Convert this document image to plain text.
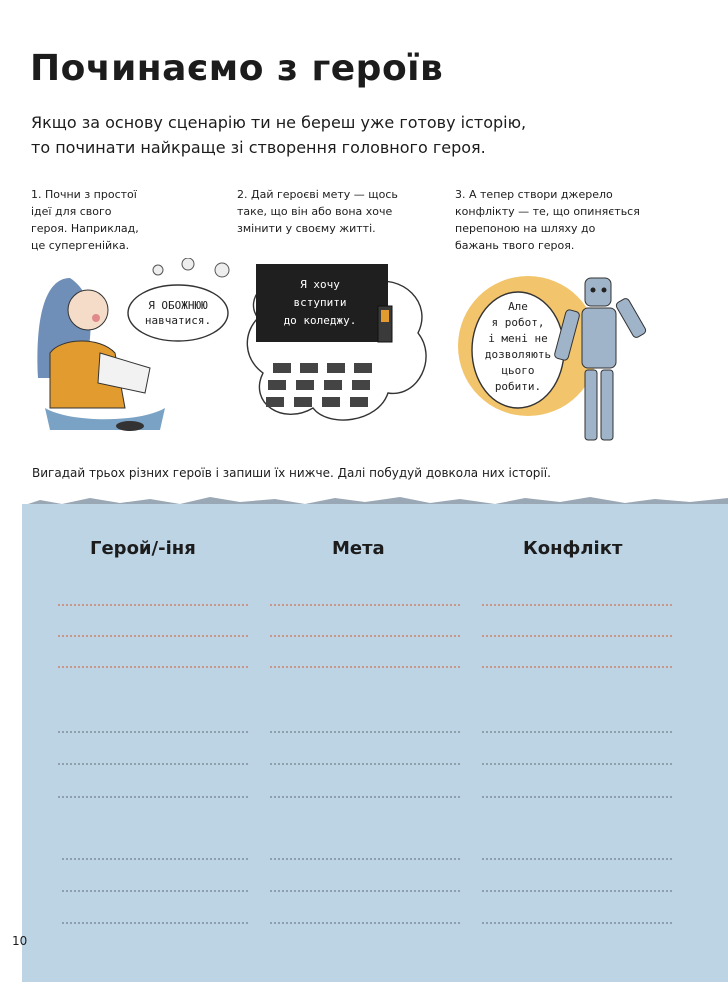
Починаємо з героїв
Якщо за основу сценарію ти не береш уже готову історію,
то починати найкраще зі створення головного героя.
1. Почни з простої
ідеї для свого
героя. Наприклад,
це супергенійка.
2. Дай героєві мету — щось
таке, що він або вона хоче
змінити у своєму житті.
3. А тепер створи джерело
конфлікту — те, що опиняється
перепоною на шляху до
бажань твого героя.
Я ОБОЖНЮЮ
навчатися.
Я хочу
вступити
до коледжу.
Але
я робот,
і мені не
дозволяють
цього
робити.

Вигадай трьох різних героїв і запиши їх нижче. Далі побудуй довкола них історії.

Герой/-іня	Мета	Конфлікт

10
